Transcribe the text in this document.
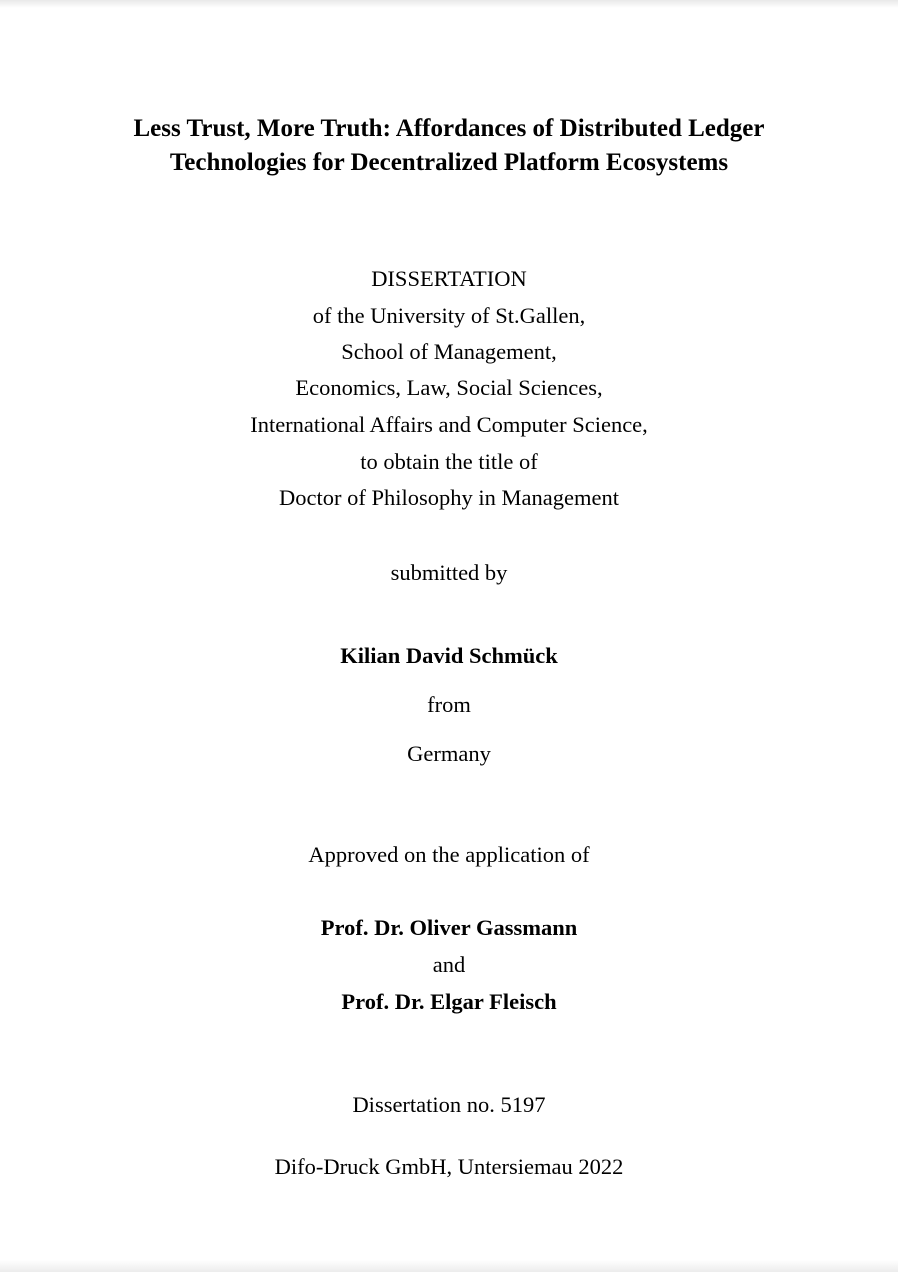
Less Trust, More Truth: Affordances of Distributed Ledger
Technologies for Decentralized Platform Ecosystems
DISSERTATION
of the University of St.Gallen,
School of Management,
Economics, Law, Social Sciences,
International Affairs and Computer Science,
to obtain the title of
Doctor of Philosophy in Management
submitted by
Kilian David Schmück
from
Germany
Approved on the application of
Prof. Dr. Oliver Gassmann
and
Prof. Dr. Elgar Fleisch
Dissertation no. 5197
Difo-Druck GmbH, Untersiemau 2022
